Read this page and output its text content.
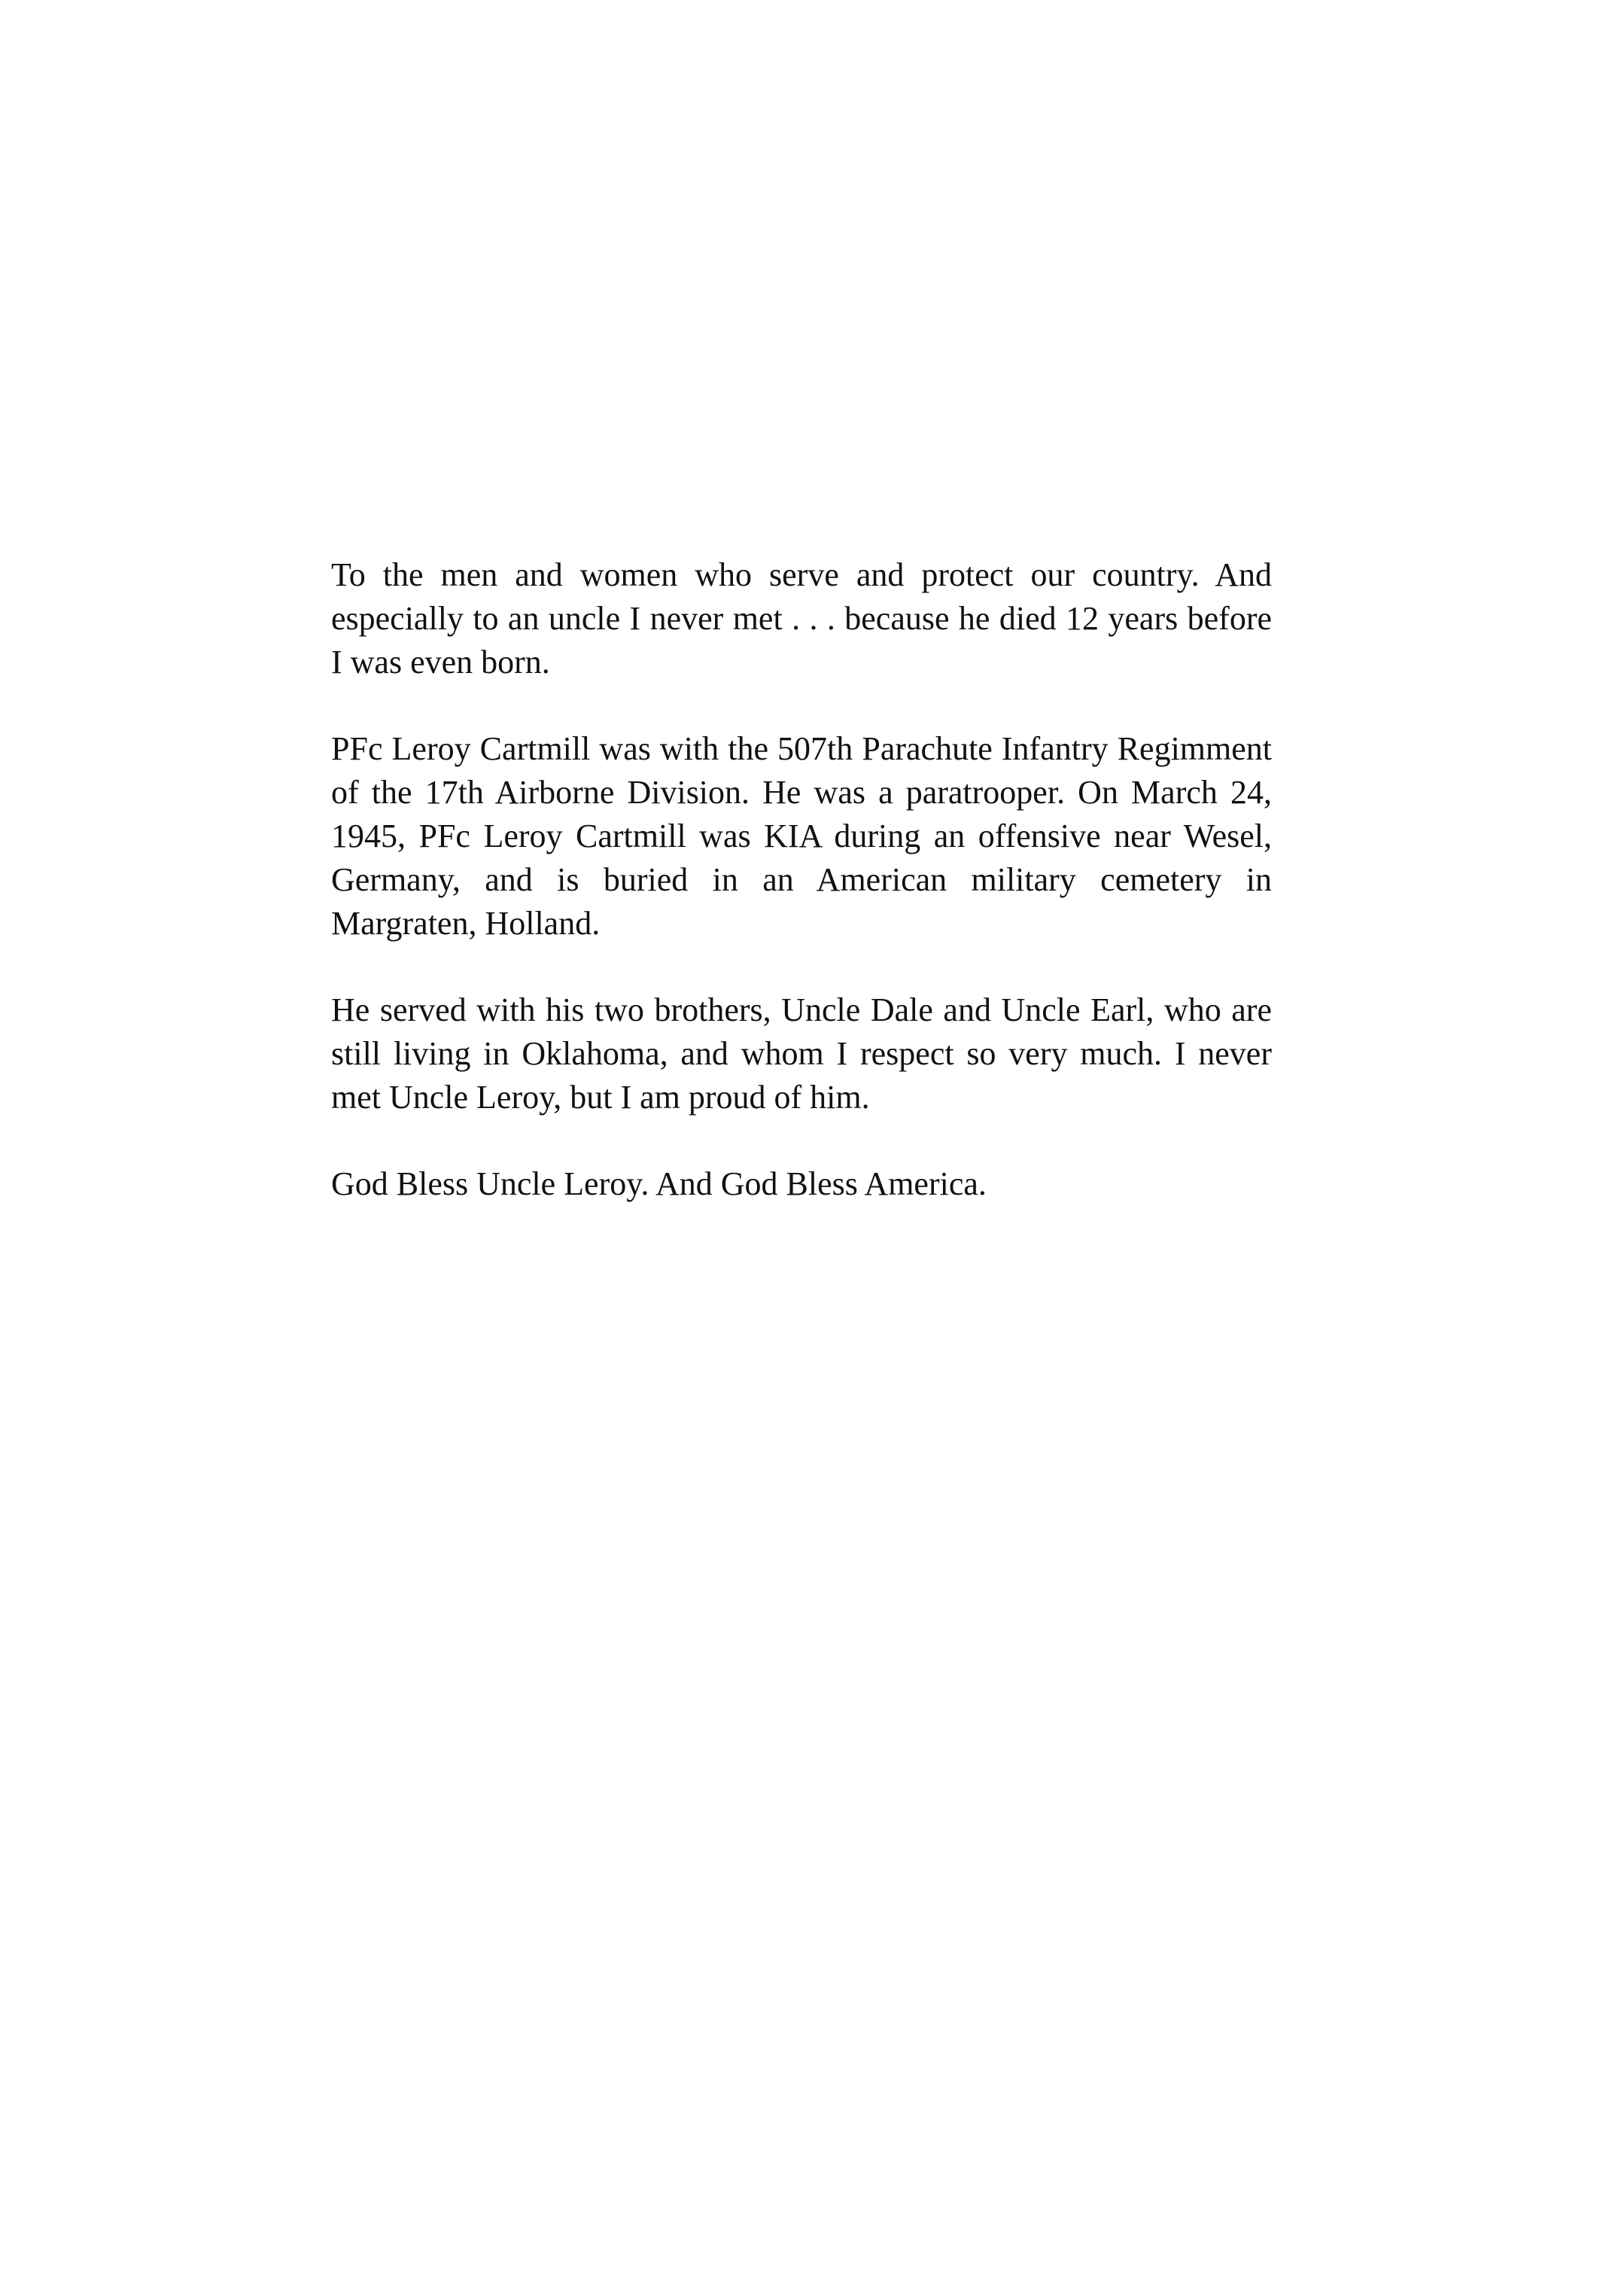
To the men and women who serve and protect our country. And especially to an uncle I never met . . . because he died 12 years before I was even born.

PFc Leroy Cartmill was with the 507th Parachute Infantry Regimment of the 17th Airborne Division. He was a paratrooper. On March 24, 1945, PFc Leroy Cartmill was KIA during an offensive near Wesel, Germany, and is buried in an American military cemetery in Margraten, Holland.

He served with his two brothers, Uncle Dale and Uncle Earl, who are still living in Oklahoma, and whom I respect so very much. I never met Uncle Leroy, but I am proud of him.

God Bless Uncle Leroy. And God Bless America.
